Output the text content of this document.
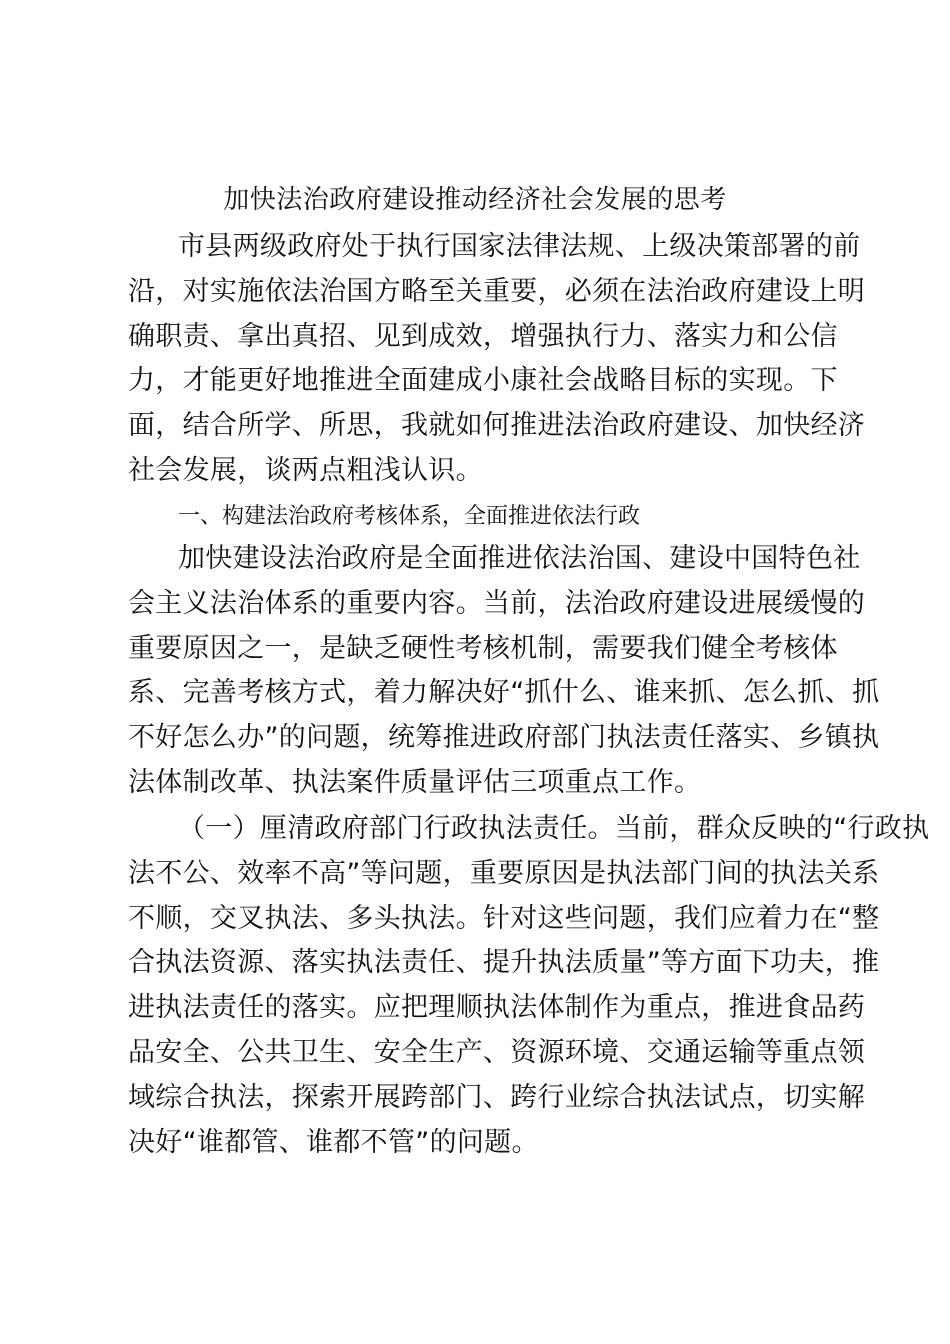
加快法治政府建设推动经济社会发展的思考
市县两级政府处于执行国家法律法规、上级决策部署的前
沿，对实施依法治国方略至关重要，必须在法治政府建设上明
确职责、拿出真招、见到成效，增强执行力、落实力和公信
力，才能更好地推进全面建成小康社会战略目标的实现。下
面，结合所学、所思，我就如何推进法治政府建设、加快经济
社会发展，谈两点粗浅认识。
一、构建法治政府考核体系，全面推进依法行政
加快建设法治政府是全面推进依法治国、建设中国特色社
会主义法治体系的重要内容。当前，法治政府建设进展缓慢的
重要原因之一，是缺乏硬性考核机制，需要我们健全考核体
系、完善考核方式，着力解决好“抓什么、谁来抓、怎么抓、抓
不好怎么办”的问题，统筹推进政府部门执法责任落实、乡镇执
法体制改革、执法案件质量评估三项重点工作。
（一）厘清政府部门行政执法责任。当前，群众反映的“行政执
法不公、效率不高”等问题，重要原因是执法部门间的执法关系
不顺，交叉执法、多头执法。针对这些问题，我们应着力在“整
合执法资源、落实执法责任、提升执法质量”等方面下功夫，推
进执法责任的落实。应把理顺执法体制作为重点，推进食品药
品安全、公共卫生、安全生产、资源环境、交通运输等重点领
域综合执法，探索开展跨部门、跨行业综合执法试点，切实解
决好“谁都管、谁都不管”的问题。
